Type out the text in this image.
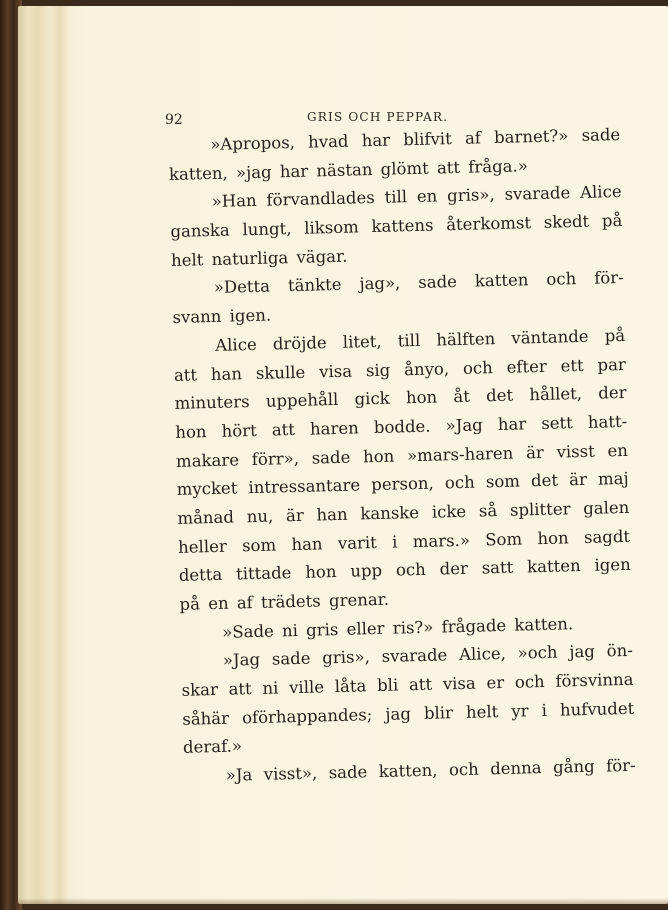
92	GRIS OCH PEPPAR.
»Apropos, hvad har blifvit af barnet?» sade
katten, »jag har nästan glömt att fråga.»
»Han förvandlades till en gris», svarade Alice
ganska lungt, liksom kattens återkomst skedt på
helt naturliga vägar.
»Detta tänkte jag», sade katten och för-
svann igen.
Alice dröjde litet, till hälften väntande på
att han skulle visa sig ånyo, och efter ett par
minuters uppehåll gick hon åt det hållet, der
hon hört att haren bodde. »Jag har sett hatt-
makare förr», sade hon »mars-haren är visst en
mycket intressantare person, och som det är maj
månad nu, är han kanske icke så splitter galen
heller som han varit i mars.» Som hon sagdt
detta tittade hon upp och der satt katten igen
på en af trädets grenar.
»Sade ni gris eller ris?» frågade katten.
»Jag sade gris», svarade Alice, »och jag ön-
skar att ni ville låta bli att visa er och försvinna
såhär oförhappandes; jag blir helt yr i hufvudet
deraf.»
»Ja visst», sade katten, och denna gång för-
